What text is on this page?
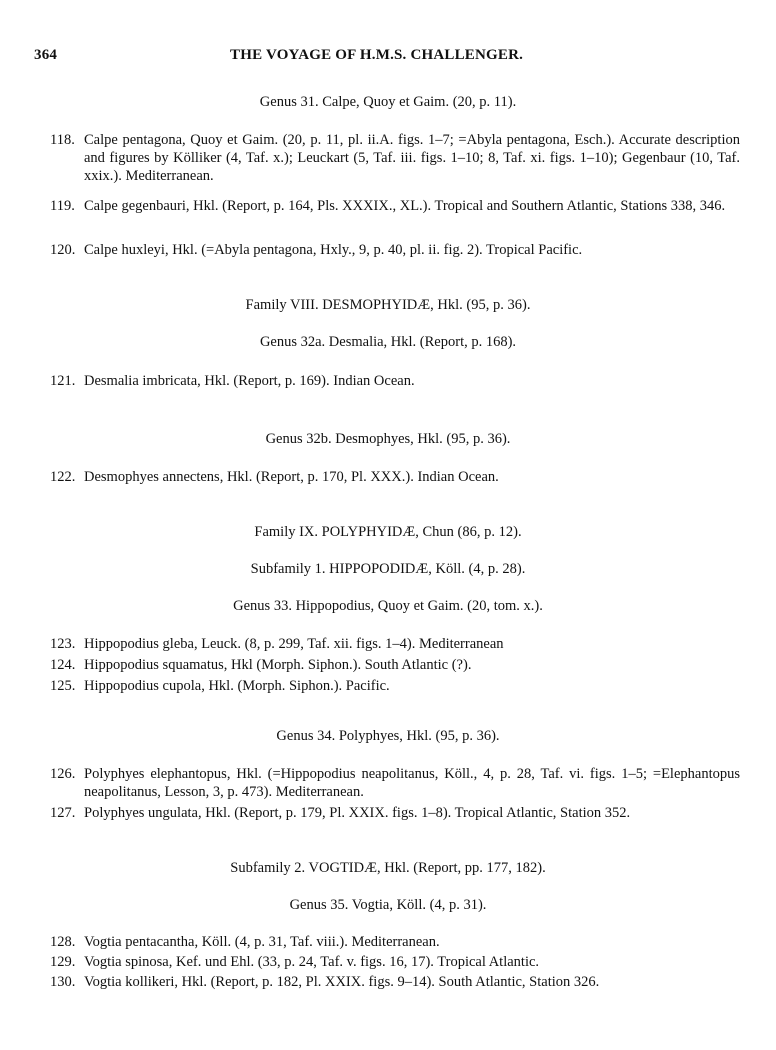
364	THE VOYAGE OF H.M.S. CHALLENGER.
Genus 31. Calpe, Quoy et Gaim. (20, p. 11).
118. Calpe pentagona, Quoy et Gaim. (20, p. 11, pl. ii.A. figs. 1–7; =Abyla pentagona, Esch.). Accurate description and figures by Kölliker (4, Taf. x.); Leuckart (5, Taf. iii. figs. 1–10; 8, Taf. xi. figs. 1–10); Gegenbaur (10, Taf. xxix.). Mediterranean.
119. Calpe gegenbauri, Hkl. (Report, p. 164, Pls. XXXIX., XL.). Tropical and Southern Atlantic, Stations 338, 346.
120. Calpe huxleyi, Hkl. (=Abyla pentagona, Hxly., 9, p. 40, pl. ii. fig. 2). Tropical Pacific.
Family VIII. DESMOPHYIDÆ, Hkl. (95, p. 36).
Genus 32a. Desmalia, Hkl. (Report, p. 168).
121. Desmalia imbricata, Hkl. (Report, p. 169). Indian Ocean.
Genus 32b. Desmophyes, Hkl. (95, p. 36).
122. Desmophyes annectens, Hkl. (Report, p. 170, Pl. XXX.). Indian Ocean.
Family IX. POLYPHYIDÆ, Chun (86, p. 12).
Subfamily 1. HIPPOPODIDÆ, Köll. (4, p. 28).
Genus 33. Hippopodius, Quoy et Gaim. (20, tom. x.).
123. Hippopodius gleba, Leuck. (8, p. 299, Taf. xii. figs. 1–4). Mediterranean
124. Hippopodius squamatus, Hkl (Morph. Siphon.). South Atlantic (?).
125. Hippopodius cupola, Hkl. (Morph. Siphon.). Pacific.
Genus 34. Polyphyes, Hkl. (95, p. 36).
126. Polyphyes elephantopus, Hkl. (=Hippopodius neapolitanus, Köll., 4, p. 28, Taf. vi. figs. 1–5; =Elephantopus neapolitanus, Lesson, 3, p. 473). Mediterranean.
127. Polyphyes ungulata, Hkl. (Report, p. 179, Pl. XXIX. figs. 1–8). Tropical Atlantic, Station 352.
Subfamily 2. VOGTIDÆ, Hkl. (Report, pp. 177, 182).
Genus 35. Vogtia, Köll. (4, p. 31).
128. Vogtia pentacantha, Köll. (4, p. 31, Taf. viii.). Mediterranean.
129. Vogtia spinosa, Kef. und Ehl. (33, p. 24, Taf. v. figs. 16, 17). Tropical Atlantic.
130. Vogtia kollikeri, Hkl. (Report, p. 182, Pl. XXIX. figs. 9–14). South Atlantic, Station 326.
